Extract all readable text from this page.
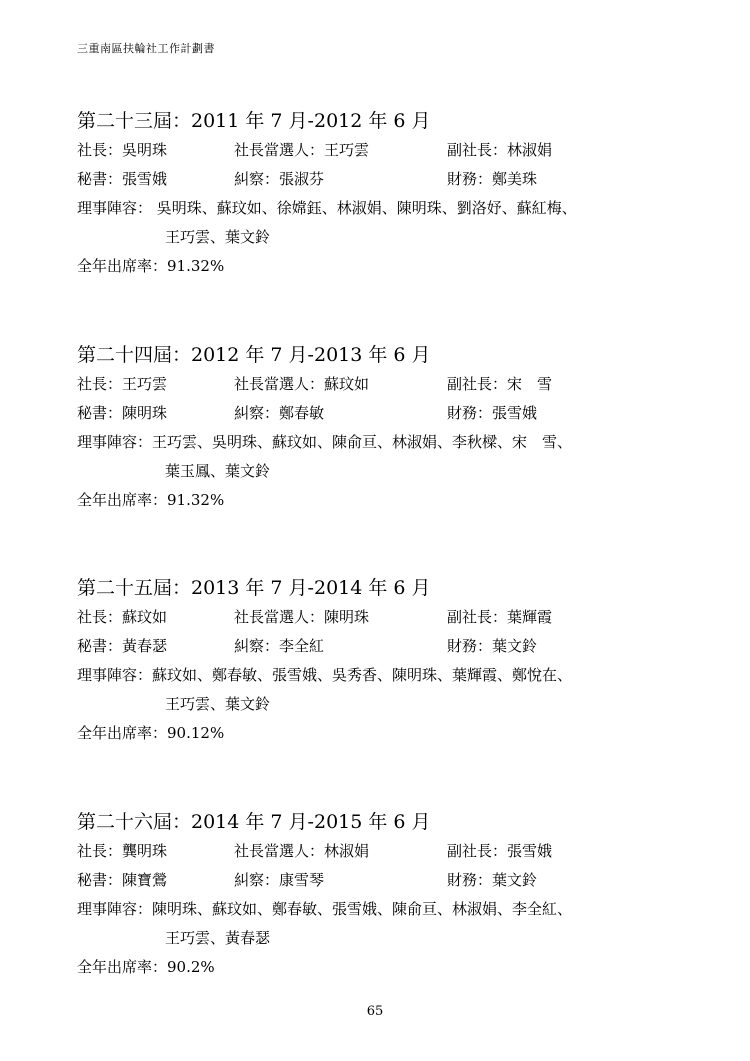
三重南區扶輪社工作計劃書
第二十三屆：2011 年 7 月-2012 年 6 月
社長：吳明珠	社長當選人：王巧雲	副社長：林淑娟
秘書：張雪娥	糾察：張淑芬	財務：鄭美珠
理事陣容： 吳明珠、蘇玟如、徐嫦鈺、林淑娟、陳明珠、劉洛妤、蘇紅梅、
王巧雲、葉文鈴
全年出席率：91.32%
第二十四屆：2012 年 7 月-2013 年 6 月
社長：王巧雲	社長當選人：蘇玟如	副社長：宋　雪
秘書：陳明珠	糾察：鄭春敏	財務：張雪娥
理事陣容：王巧雲、吳明珠、蘇玟如、陳俞亘、林淑娟、李秋樑、宋　雪、
葉玉鳳、葉文鈴
全年出席率：91.32%
第二十五屆：2013 年 7 月-2014 年 6 月
社長：蘇玟如	社長當選人：陳明珠	副社長：葉輝霞
秘書：黃春瑟	糾察：李全紅	財務：葉文鈴
理事陣容：蘇玟如、鄭春敏、張雪娥、吳秀香、陳明珠、葉輝霞、鄭悅在、
王巧雲、葉文鈴
全年出席率：90.12%
第二十六屆：2014 年 7 月-2015 年 6 月
社長：龔明珠	社長當選人：林淑娟	副社長：張雪娥
秘書：陳寶鶯	糾察：康雪琴	財務：葉文鈴
理事陣容：陳明珠、蘇玟如、鄭春敏、張雪娥、陳俞亘、林淑娟、李全紅、
王巧雲、黃春瑟
全年出席率：90.2%
65
